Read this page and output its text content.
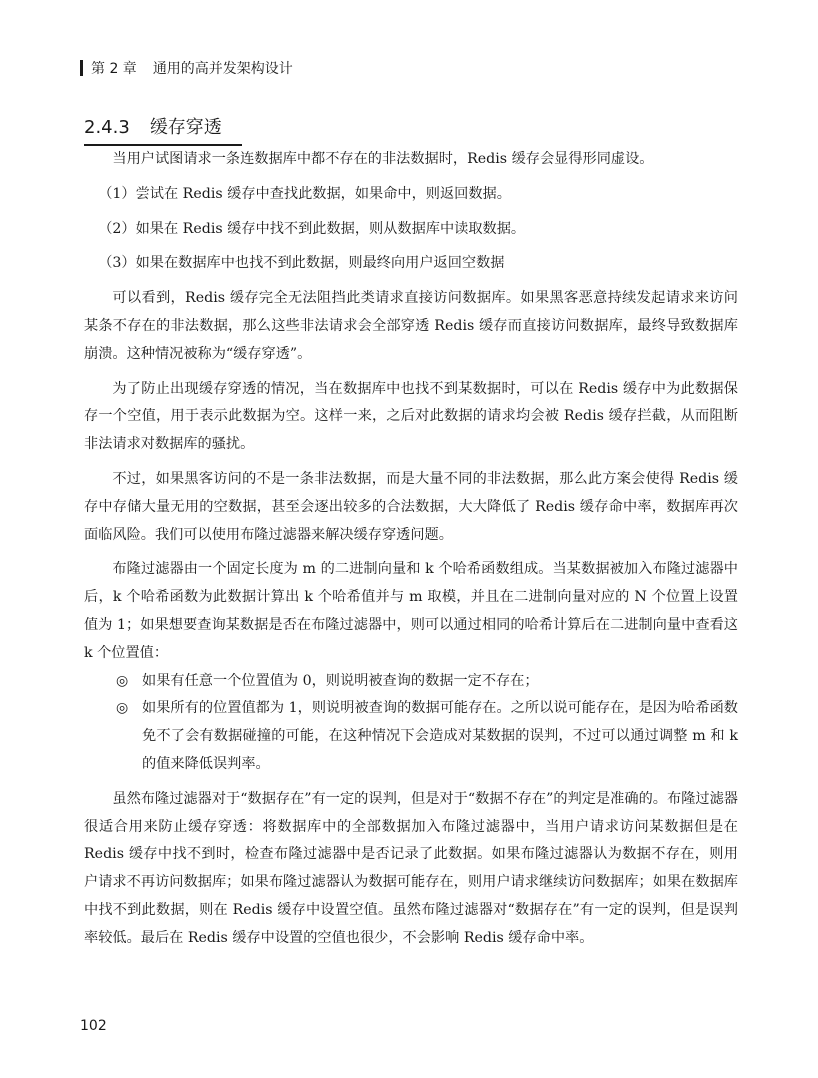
第 2 章 通用的高并发架构设计
2.4.3 缓存穿透

当用户试图请求一条连数据库中都不存在的非法数据时，Redis 缓存会显得形同虚设。

（1）尝试在 Redis 缓存中查找此数据，如果命中，则返回数据。

（2）如果在 Redis 缓存中找不到此数据，则从数据库中读取数据。

（3）如果在数据库中也找不到此数据，则最终向用户返回空数据

可以看到，Redis 缓存完全无法阻挡此类请求直接访问数据库。如果黑客恶意持续发起请求来访问某条不存在的非法数据，那么这些非法请求会全部穿透 Redis 缓存而直接访问数据库，最终导致数据库崩溃。这种情况被称为“缓存穿透”。

为了防止出现缓存穿透的情况，当在数据库中也找不到某数据时，可以在 Redis 缓存中为此数据保存一个空值，用于表示此数据为空。这样一来，之后对此数据的请求均会被 Redis 缓存拦截，从而阻断非法请求对数据库的骚扰。

不过，如果黑客访问的不是一条非法数据，而是大量不同的非法数据，那么此方案会使得 Redis 缓存中存储大量无用的空数据，甚至会逐出较多的合法数据，大大降低了 Redis 缓存命中率，数据库再次面临风险。我们可以使用布隆过滤器来解决缓存穿透问题。

布隆过滤器由一个固定长度为 m 的二进制向量和 k 个哈希函数组成。当某数据被加入布隆过滤器中后，k 个哈希函数为此数据计算出 k 个哈希值并与 m 取模，并且在二进制向量对应的 N 个位置上设置值为 1；如果想要查询某数据是否在布隆过滤器中，则可以通过相同的哈希计算后在二进制向量中查看这 k 个位置值：

◎ 如果有任意一个位置值为 0，则说明被查询的数据一定不存在；
◎ 如果所有的位置值都为 1，则说明被查询的数据可能存在。之所以说可能存在，是因为哈希函数免不了会有数据碰撞的可能，在这种情况下会造成对某数据的误判，不过可以通过调整 m 和 k 的值来降低误判率。

虽然布隆过滤器对于“数据存在”有一定的误判，但是对于“数据不存在”的判定是准确的。布隆过滤器很适合用来防止缓存穿透：将数据库中的全部数据加入布隆过滤器中，当用户请求访问某数据但是在 Redis 缓存中找不到时，检查布隆过滤器中是否记录了此数据。如果布隆过滤器认为数据不存在，则用户请求不再访问数据库；如果布隆过滤器认为数据可能存在，则用户请求继续访问数据库；如果在数据库中找不到此数据，则在 Redis 缓存中设置空值。虽然布隆过滤器对“数据存在”有一定的误判，但是误判率较低。最后在 Redis 缓存中设置的空值也很少，不会影响 Redis 缓存命中率。

102
